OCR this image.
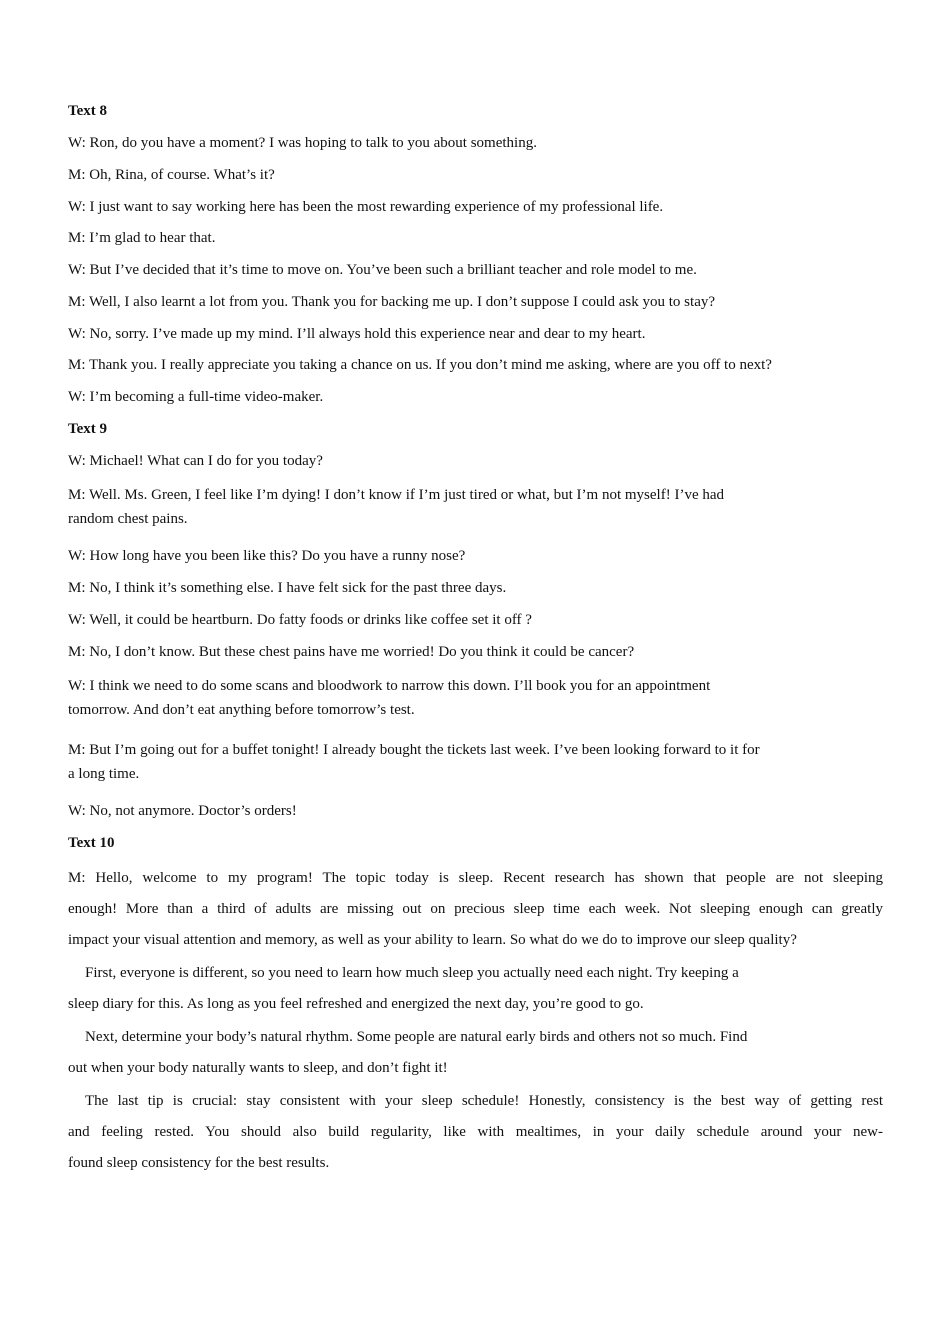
Text 8
W: Ron, do you have a moment? I was hoping to talk to you about something.
M: Oh, Rina, of course. What’s it?
W: I just want to say working here has been the most rewarding experience of my professional life.
M: I’m glad to hear that.
W: But I’ve decided that it’s time to move on. You’ve been such a brilliant teacher and role model to me.
M: Well, I also learnt a lot from you. Thank you for backing me up. I don’t suppose I could ask you to stay?
W: No, sorry. I’ve made up my mind. I’ll always hold this experience near and dear to my heart.
M: Thank you. I really appreciate you taking a chance on us. If you don’t mind me asking, where are you off to next?
W: I’m becoming a full-time video-maker.
Text 9
W: Michael! What can I do for you today?
M: Well. Ms. Green, I feel like I’m dying! I don’t know if I’m just tired or what, but I’m not myself! I’ve had
random chest pains.
W: How long have you been like this? Do you have a runny nose?
M: No, I think it’s something else. I have felt sick for the past three days.
W: Well, it could be heartburn. Do fatty foods or drinks like coffee set it off ?
M: No, I don’t know. But these chest pains have me worried! Do you think it could be cancer?
W: I think we need to do some scans and bloodwork to narrow this down. I’ll book you for an appointment
tomorrow. And don’t eat anything before tomorrow’s test.
M: But I’m going out for a buffet tonight! I already bought the tickets last week. I’ve been looking forward to it for
a long time.
W: No, not anymore. Doctor’s orders!
Text 10
M: Hello, welcome to my program! The topic today is sleep. Recent research has shown that people are not sleeping
enough! More than a third of adults are missing out on precious sleep time each week. Not sleeping enough can greatly
impact your visual attention and memory, as well as your ability to learn. So what do we do to improve our sleep quality?
First, everyone is different, so you need to learn how much sleep you actually need each night. Try keeping a
sleep diary for this. As long as you feel refreshed and energized the next day, you’re good to go.
Next, determine your body’s natural rhythm. Some people are natural early birds and others not so much. Find
out when your body naturally wants to sleep, and don’t fight it!
The last tip is crucial: stay consistent with your sleep schedule! Honestly, consistency is the best way of getting rest
and feeling rested. You should also build regularity, like with mealtimes, in your daily schedule around your new-
found sleep consistency for the best results.
